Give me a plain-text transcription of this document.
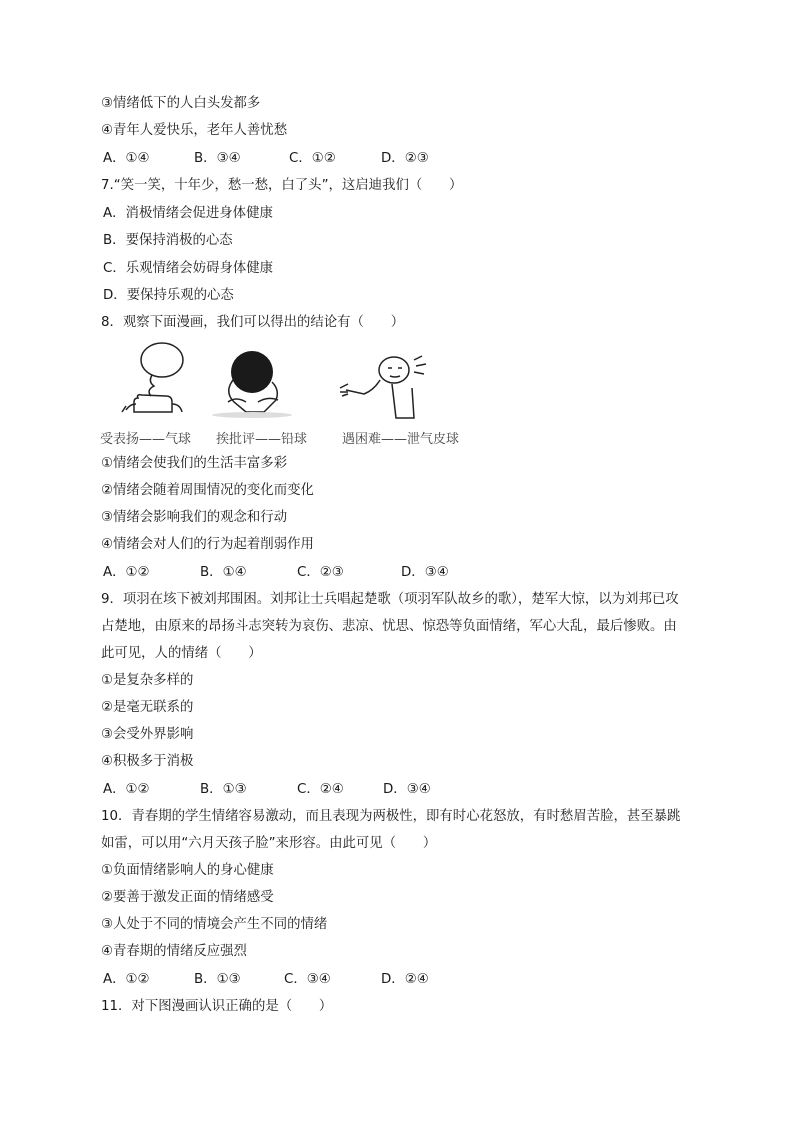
③情绪低下的人白头发都多
④青年人爱快乐，老年人善忧愁
A．①④	B．③④	C．①②	D．②③
7.“笑一笑，十年少，愁一愁，白了头”，这启迪我们（　　）
A．消极情绪会促进身体健康
B．要保持消极的心态
C．乐观情绪会妨碍身体健康
D．要保持乐观的心态
8．观察下面漫画，我们可以得出的结论有（　　）
受表扬——气球 挨批评——铅球	遇困难——泄气皮球
①情绪会使我们的生活丰富多彩
②情绪会随着周围情况的变化而变化
③情绪会影响我们的观念和行动
④情绪会对人们的行为起着削弱作用
A．①②	B．①④	C．②③	D．③④
9．项羽在垓下被刘邦围困。刘邦让士兵唱起楚歌（项羽军队故乡的歌），楚军大惊，以为刘邦已攻
占楚地，由原来的昂扬斗志突转为哀伤、悲凉、忧思、惊恐等负面情绪，军心大乱，最后惨败。由
此可见，人的情绪（　　）
①是复杂多样的
②是毫无联系的
③会受外界影响
④积极多于消极
A．①②	B．①③	C．②④	D．③④
10．青春期的学生情绪容易激动，而且表现为两极性，即有时心花怒放，有时愁眉苦脸，甚至暴跳
如雷，可以用“六月天孩子脸”来形容。由此可见（　　）
①负面情绪影响人的身心健康
②要善于激发正面的情绪感受
③人处于不同的情境会产生不同的情绪
④青春期的情绪反应强烈
A．①②	B．①③	C．③④	D．②④
11．对下图漫画认识正确的是（　　）
